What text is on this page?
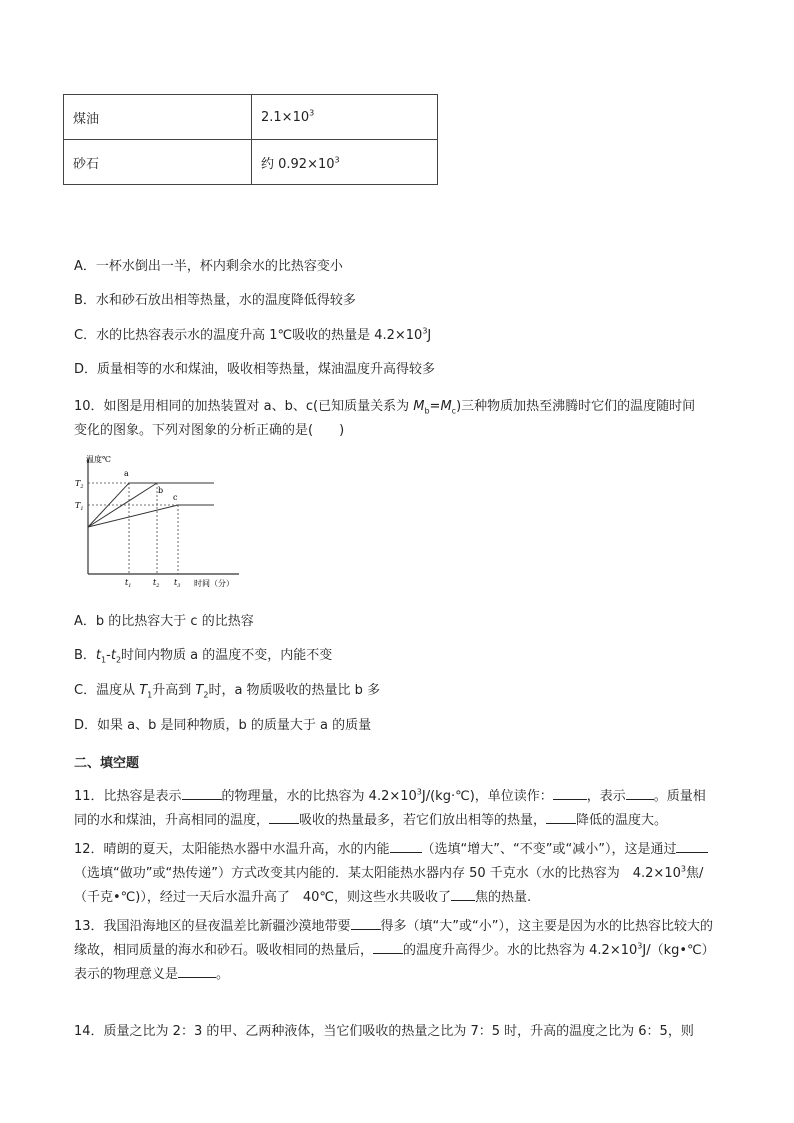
煤油	$2.1\times 10^3$
砂石	约 $0.92\times 10^3$
A．一杯水倒出一半，杯内剩余水的比热容变小
B．水和砂石放出相等热量，水的温度降低得较多
C．水的比热容表示水的温度升高 1℃吸收的热量是 $4.2\times 10^3J$
D．质量相等的水和煤油，吸收相等热量，煤油温度升高得较多
10．如图是用相同的加热装置对 a、b、c(已知质量关系为 $M_b=M_c$)三种物质加热至沸腾时它们的温度随时间
变化的图象。下列对图象的分析正确的是(　　)
温度℃
时间（分）
$T_2$
$T_1$
a
b
c
$t_1$	$t_2$ $t_3$
A．b 的比热容大于 c 的比热容
B．$t_1-t_2$时间内物质 a 的温度不变，内能不变
C．温度从 $T_1$升高到 $T_2$时，a 物质吸收的热量比 b 多
D．如果 a、b 是同种物质，b 的质量大于 a 的质量
二、填空题
11．比热容是表示	的物理量，水的比热容为 $4.2\times 10^3J/(kg\cdot℃)$，单位读作：	，表示 。质量相
同的水和煤油，升高相同的温度， 吸收的热量最多，若它们放出相等的热量， 降低的温度大。
12．晴朗的夏天，太阳能热水器中水温升高，水的内能 （选填“增大”、“不变”或“减小”），这是通过（选填“做功”或“热传递”）方式改变其内能的．某太阳能热水器内存 50 千克水（水的比热容为　$4.2\times 10^3$焦/（千克•℃)），经过一天后水温升高了　40℃，则这些水共吸收了 焦的热量.
13．我国沿海地区的昼夜温差比新疆沙漠地带要 得多（填“大”或“小”），这主要是因为水的比热容比较大的缘故，相同质量的海水和砂石。吸收相同的热量后， 的温度升高得少。水的比热容为 $4.2\times 10^3J/(kg•℃)$表示的物理意义是	。
14．质量之比为 2：3 的甲、乙两种液体，当它们吸收的热量之比为 7：5 时，升高的温度之比为 6：5，则
